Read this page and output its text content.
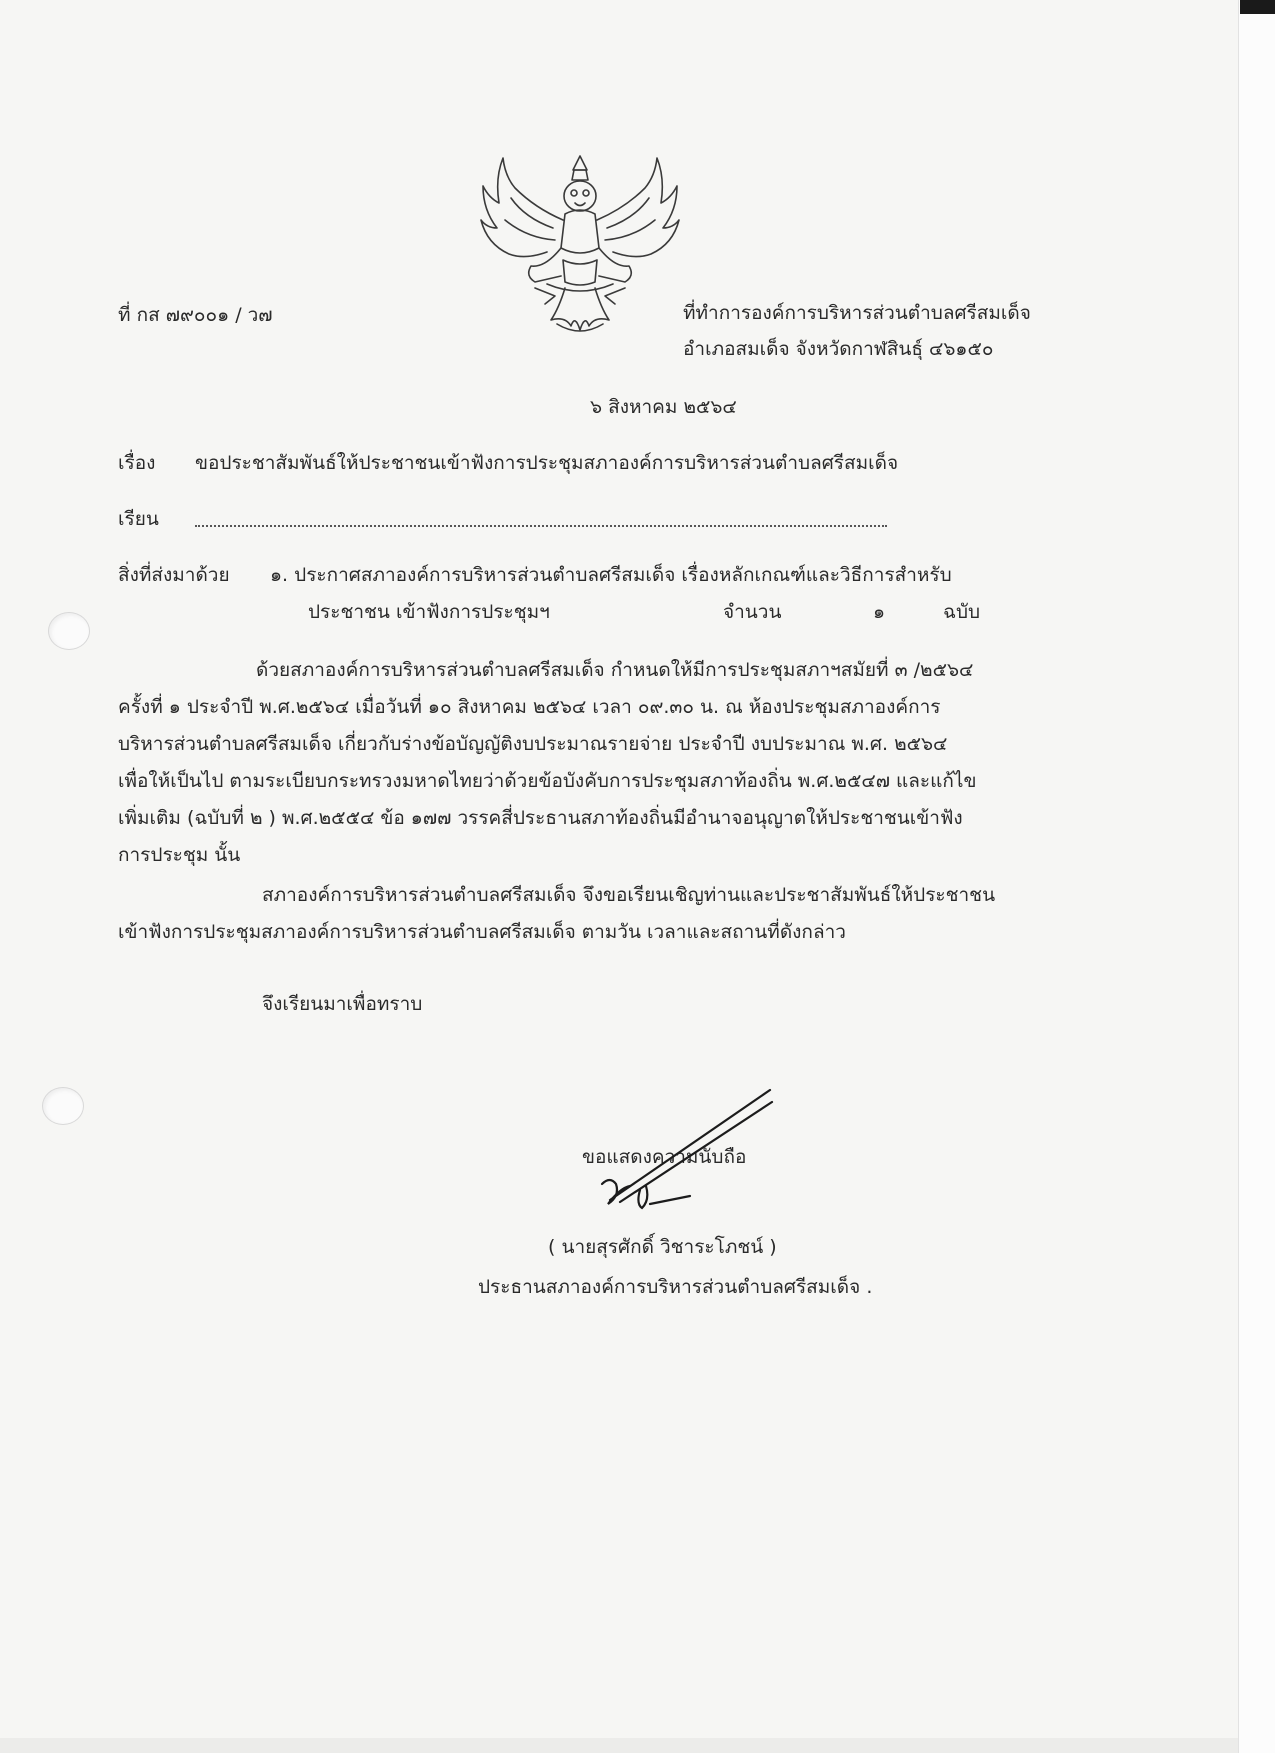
ที่ กส ๗๙๐๐๑ / ว๗	ที่ทำการองค์การบริหารส่วนตำบลศรีสมเด็จ
อำเภอสมเด็จ จังหวัดกาฬสินธุ์ ๔๖๑๕๐
๖ สิงหาคม ๒๕๖๔
เรื่อง ขอประชาสัมพันธ์ให้ประชาชนเข้าฟังการประชุมสภาองค์การบริหารส่วนตำบลศรีสมเด็จ
เรียน
สิ่งที่ส่งมาด้วย ๑. ประกาศสภาองค์การบริหารส่วนตำบลศรีสมเด็จ เรื่องหลักเกณฑ์และวิธีการสำหรับ
ประชาชน เข้าฟังการประชุมฯ	จำนวน	๑	ฉบับ
ด้วยสภาองค์การบริหารส่วนตำบลศรีสมเด็จ กำหนดให้มีการประชุมสภาฯสมัยที่ ๓ /๒๕๖๔
ครั้งที่ ๑ ประจำปี พ.ศ.๒๕๖๔ เมื่อวันที่ ๑๐ สิงหาคม ๒๕๖๔ เวลา ๐๙.๓๐ น. ณ ห้องประชุมสภาองค์การ
บริหารส่วนตำบลศรีสมเด็จ เกี่ยวกับร่างข้อบัญญัติงบประมาณรายจ่าย ประจำปี งบประมาณ พ.ศ. ๒๕๖๔
เพื่อให้เป็นไป ตามระเบียบกระทรวงมหาดไทยว่าด้วยข้อบังคับการประชุมสภาท้องถิ่น พ.ศ.๒๕๔๗ และแก้ไข
เพิ่มเติม (ฉบับที่ ๒ ) พ.ศ.๒๕๕๔ ข้อ ๑๗๗ วรรคสี่ประธานสภาท้องถิ่นมีอำนาจอนุญาตให้ประชาชนเข้าฟัง
การประชุม นั้น
สภาองค์การบริหารส่วนตำบลศรีสมเด็จ จึงขอเรียนเชิญท่านและประชาสัมพันธ์ให้ประชาชน
เข้าฟังการประชุมสภาองค์การบริหารส่วนตำบลศรีสมเด็จ ตามวัน เวลาและสถานที่ดังกล่าว
จึงเรียนมาเพื่อทราบ
ขอแสดงความนับถือ
( นายสุรศักดิ์ วิชาระโภชน์ )
ประธานสภาองค์การบริหารส่วนตำบลศรีสมเด็จ .
